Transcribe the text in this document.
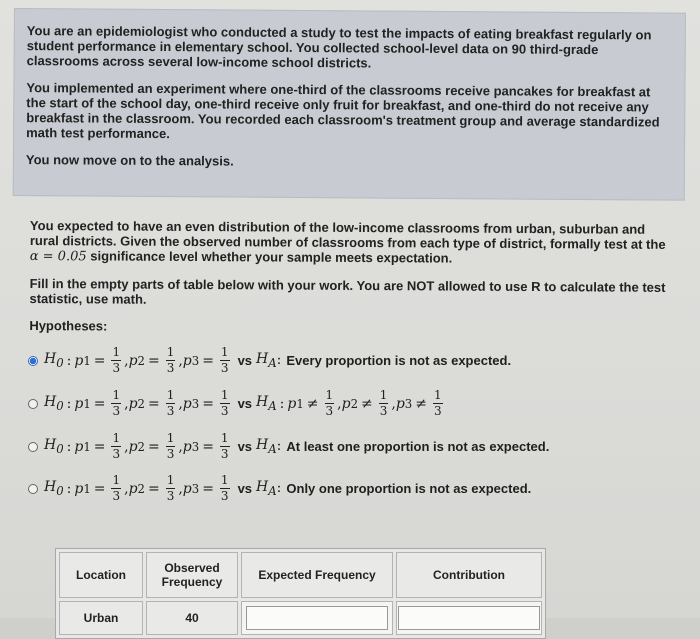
You are an epidemiologist who conducted a study to test the impacts of eating breakfast regularly on student performance in elementary school. You collected school-level data on 90 third-grade classrooms across several low-income school districts.

You implemented an experiment where one-third of the classrooms receive pancakes for breakfast at the start of the school day, one-third receive only fruit for breakfast, and one-third do not receive any breakfast in the classroom. You recorded each classroom's treatment group and average standardized math test performance.

You now move on to the analysis.

You expected to have an even distribution of the low-income classrooms from urban, suburban and rural districts. Given the observed number of classrooms from each type of district, formally test at the α = 0.05 significance level whether your sample meets expectation.

Fill in the empty parts of table below with your work. You are NOT allowed to use R to calculate the test statistic, use math.

Hypotheses:
$H_0$ : p $1 = \frac{1}{3}$ , p $2 = \frac{1}{3}$ , p $3 = \frac{1}{3}$ vs $H_A$ : Every proportion is not as expected.
$H_0$ : p $1 = \frac{1}{3}$ , p $2 = \frac{1}{3}$ , p $3 = \frac{1}{3}$ vs $H_A$ : p $1 \ne \frac{1}{3}$ , p $2 \ne \frac{1}{3}$ , p $3 \ne \frac{1}{3}$
$H_0$ : p $1 = \frac{1}{3}$ , p $2 = \frac{1}{3}$ , p $3 = \frac{1}{3}$ vs $H_A$ : At least one proportion is not as expected.
$H_0$ : p $1 = \frac{1}{3}$ , p $2 = \frac{1}{3}$ , p $3 = \frac{1}{3}$ vs $H_A$ : Only one proportion is not as expected.
Location	Observed Frequency	Expected Frequency	Contribution
Urban	40	
